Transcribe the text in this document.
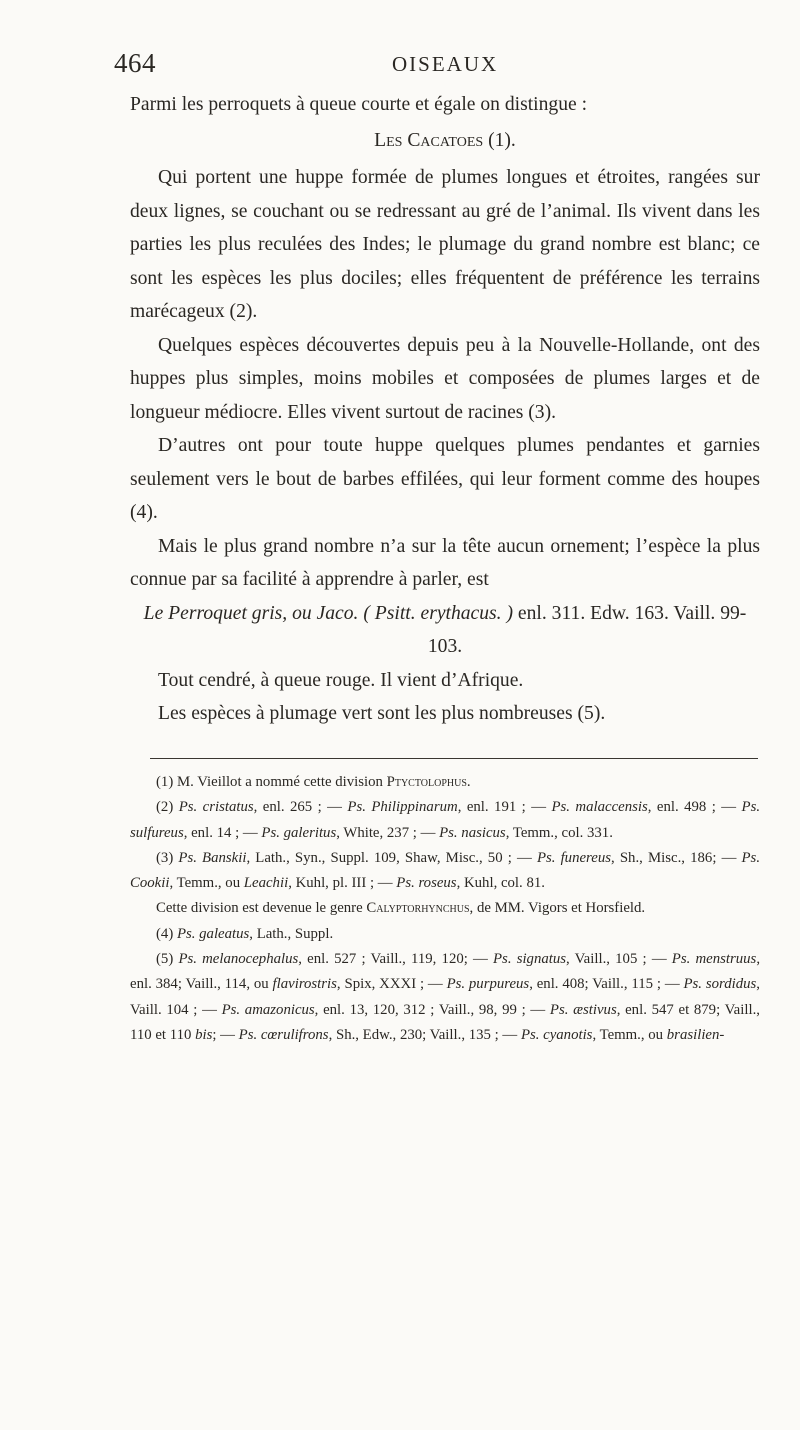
464	OISEAUX

Parmi les perroquets à queue courte et égale on distingue :

Les Cacatoes (1).

Qui portent une huppe formée de plumes longues et étroites, rangées sur deux lignes, se couchant ou se redressant au gré de l’animal. Ils vivent dans les parties les plus reculées des Indes; le plumage du grand nombre est blanc; ce sont les espèces les plus dociles; elles fréquentent de préférence les terrains marécageux (2).

Quelques espèces découvertes depuis peu à la Nouvelle-Hollande, ont des huppes plus simples, moins mobiles et composées de plumes larges et de longueur médiocre. Elles vivent surtout de racines (3).

D’autres ont pour toute huppe quelques plumes pendantes et garnies seulement vers le bout de barbes effilées, qui leur forment comme des houpes (4).

Mais le plus grand nombre n’a sur la tête aucun ornement; l’espèce la plus connue par sa facilité à apprendre à parler, est

Le Perroquet gris, ou Jaco. ( Psitt. erythacus. ) enl. 311. Edw. 163. Vaill. 99-103.

Tout cendré, à queue rouge. Il vient d’Afrique.

Les espèces à plumage vert sont les plus nombreuses (5).

(1) M. Vieillot a nommé cette division Ptyctolophus.

(2) Ps. cristatus, enl. 265 ; — Ps. Philippinarum, enl. 191 ; — Ps. malaccensis, enl. 498 ; — Ps. sulfureus, enl. 14 ; — Ps. galeritus, White, 237 ; — Ps. nasicus, Temm., col. 331.

(3) Ps. Banskii, Lath., Syn., Suppl. 109, Shaw, Misc., 50 ; — Ps. funereus, Sh., Misc., 186; — Ps. Cookii, Temm., ou Leachii, Kuhl, pl. III ; — Ps. roseus, Kuhl, col. 81.

Cette division est devenue le genre Calyptorhynchus, de MM. Vigors et Horsfield.

(4) Ps. galeatus, Lath., Suppl.

(5) Ps. melanocephalus, enl. 527 ; Vaill., 119, 120; — Ps. signatus, Vaill., 105 ; — Ps. menstruus, enl. 384; Vaill., 114, ou flavirostris, Spix, XXXI ; — Ps. purpureus, enl. 408; Vaill., 115 ; — Ps. sordidus, Vaill. 104 ; — Ps. amazonicus, enl. 13, 120, 312 ; Vaill., 98, 99 ; — Ps. æstivus, enl. 547 et 879; Vaill., 110 et 110 bis; — Ps. cœrulifrons, Sh., Edw., 230; Vaill., 135 ; — Ps. cyanotis, Temm., ou brasilien-
